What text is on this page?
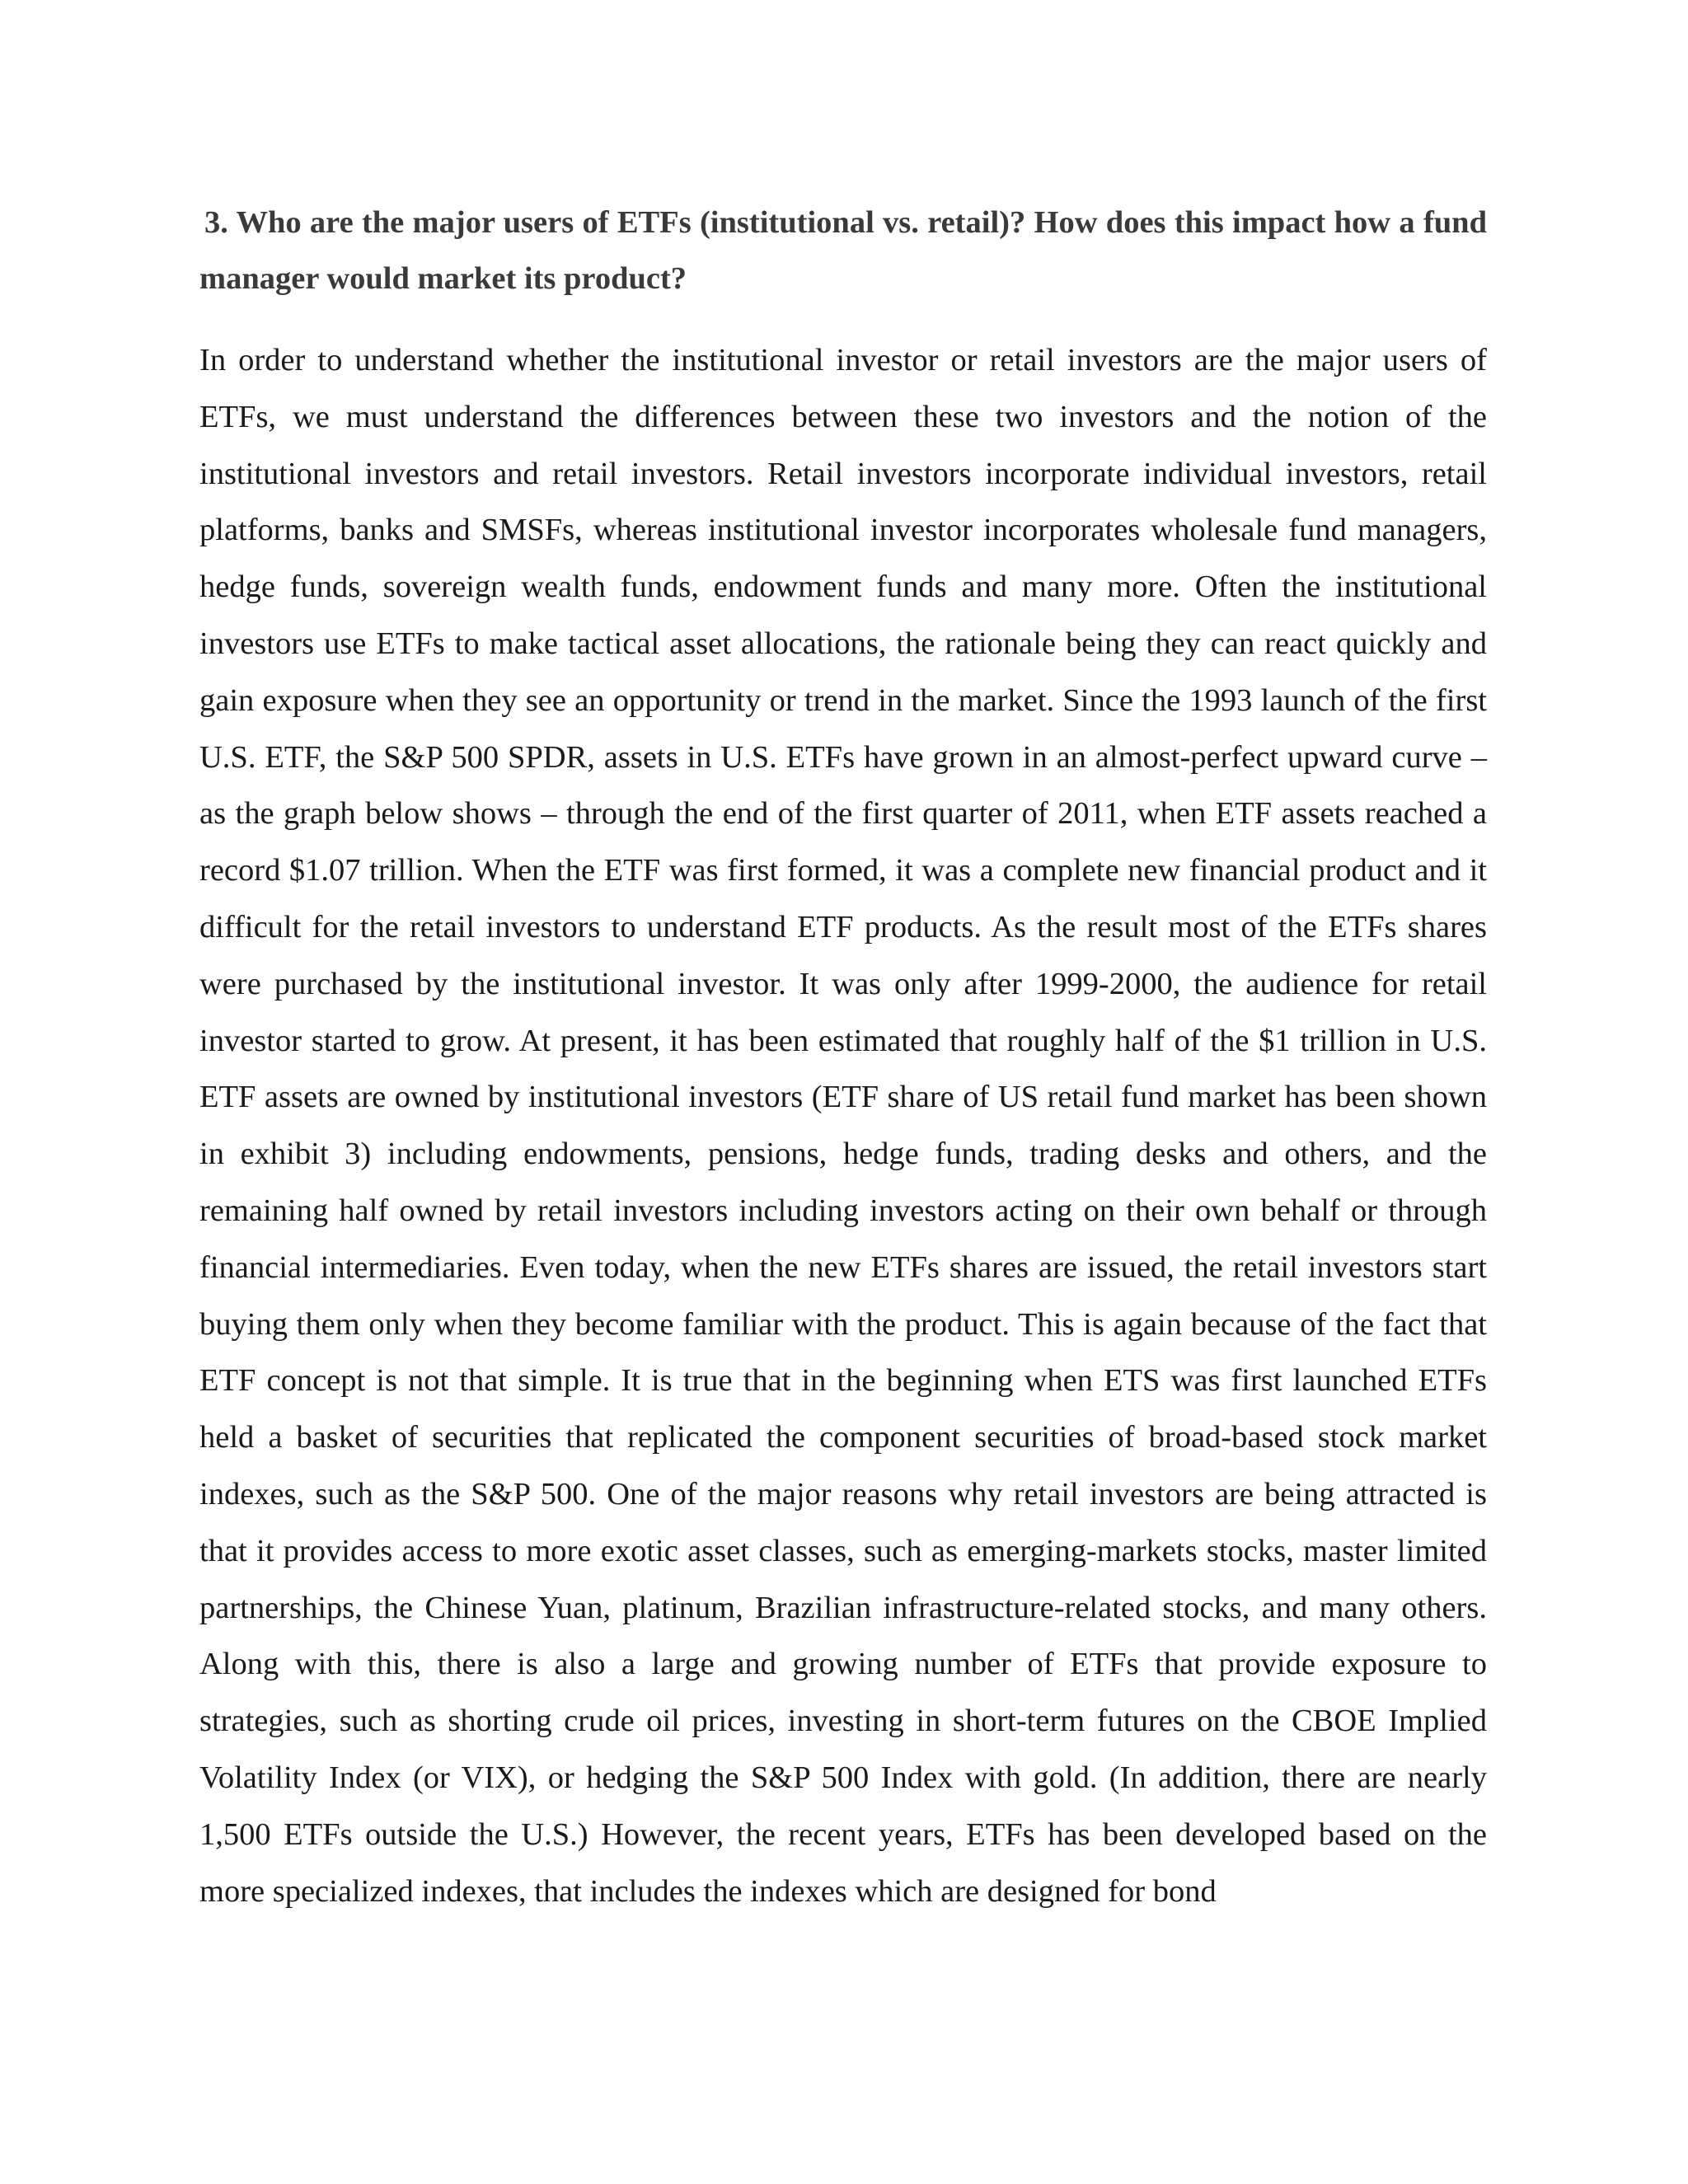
3. Who are the major users of ETFs (institutional vs. retail)? How does this impact how a fund manager would market its product?

In order to understand whether the institutional investor or retail investors are the major users of ETFs, we must understand the differences between these two investors and the notion of the institutional investors and retail investors. Retail investors incorporate individual investors, retail platforms, banks and SMSFs, whereas institutional investor incorporates wholesale fund managers, hedge funds, sovereign wealth funds, endowment funds and many more. Often the institutional investors use ETFs to make tactical asset allocations, the rationale being they can react quickly and gain exposure when they see an opportunity or trend in the market. Since the 1993 launch of the first U.S. ETF, the S&P 500 SPDR, assets in U.S. ETFs have grown in an almost-perfect upward curve – as the graph below shows – through the end of the first quarter of 2011, when ETF assets reached a record $1.07 trillion. When the ETF was first formed, it was a complete new financial product and it difficult for the retail investors to understand ETF products. As the result most of the ETFs shares were purchased by the institutional investor. It was only after 1999-2000, the audience for retail investor started to grow. At present, it has been estimated that roughly half of the $1 trillion in U.S. ETF assets are owned by institutional investors (ETF share of US retail fund market has been shown in exhibit 3) including endowments, pensions, hedge funds, trading desks and others, and the remaining half owned by retail investors including investors acting on their own behalf or through financial intermediaries. Even today, when the new ETFs shares are issued, the retail investors start buying them only when they become familiar with the product. This is again because of the fact that ETF concept is not that simple. It is true that in the beginning when ETS was first launched ETFs held a basket of securities that replicated the component securities of broad-based stock market indexes, such as the S&P 500. One of the major reasons why retail investors are being attracted is that it provides access to more exotic asset classes, such as emerging-markets stocks, master limited partnerships, the Chinese Yuan, platinum, Brazilian infrastructure-related stocks, and many others. Along with this, there is also a large and growing number of ETFs that provide exposure to strategies, such as shorting crude oil prices, investing in short-term futures on the CBOE Implied Volatility Index (or VIX), or hedging the S&P 500 Index with gold. (In addition, there are nearly 1,500 ETFs outside the U.S.) However, the recent years, ETFs has been developed based on the more specialized indexes, that includes the indexes which are designed for bond
